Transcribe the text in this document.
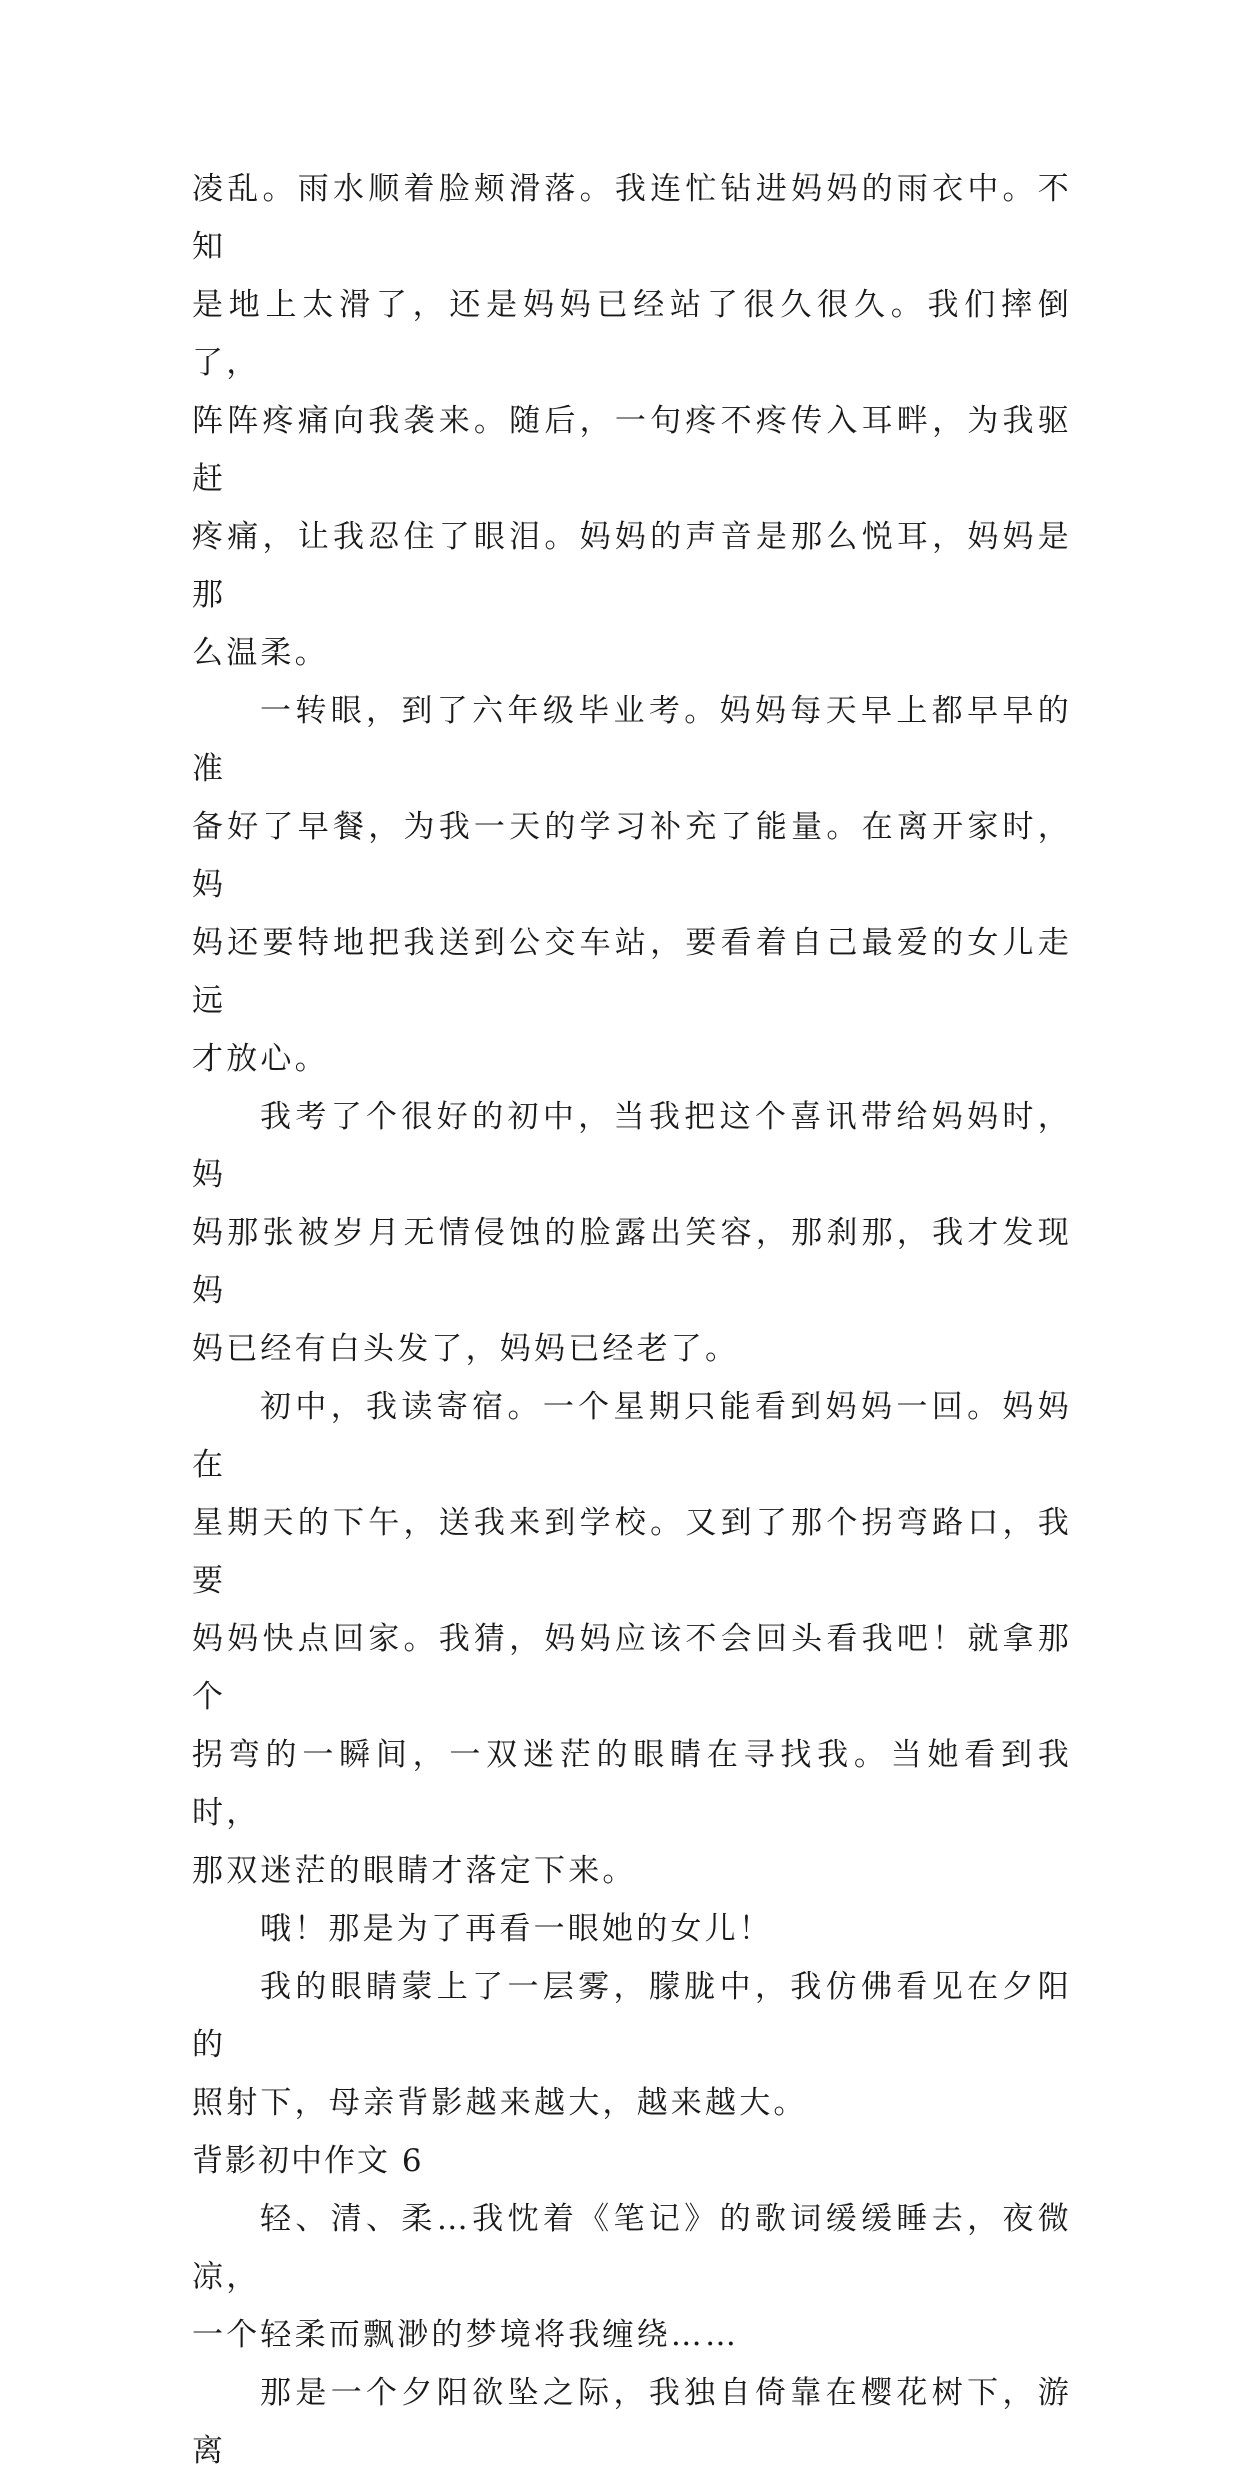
凌乱。雨水顺着脸颊滑落。我连忙钻进妈妈的雨衣中。不知
是地上太滑了，还是妈妈已经站了很久很久。我们摔倒了，
阵阵疼痛向我袭来。随后，一句疼不疼传入耳畔，为我驱赶
疼痛，让我忍住了眼泪。妈妈的声音是那么悦耳，妈妈是那
么温柔。

一转眼，到了六年级毕业考。妈妈每天早上都早早的准
备好了早餐，为我一天的学习补充了能量。在离开家时，妈
妈还要特地把我送到公交车站，要看着自己最爱的女儿走远
才放心。

我考了个很好的初中，当我把这个喜讯带给妈妈时，妈
妈那张被岁月无情侵蚀的脸露出笑容，那刹那，我才发现妈
妈已经有白头发了，妈妈已经老了。

初中，我读寄宿。一个星期只能看到妈妈一回。妈妈在
星期天的下午，送我来到学校。又到了那个拐弯路口，我要
妈妈快点回家。我猜，妈妈应该不会回头看我吧！就拿那个
拐弯的一瞬间，一双迷茫的眼睛在寻找我。当她看到我时，
那双迷茫的眼睛才落定下来。

哦！那是为了再看一眼她的女儿！

我的眼睛蒙上了一层雾，朦胧中，我仿佛看见在夕阳的
照射下，母亲背影越来越大，越来越大。

背影初中作文 6

轻、清、柔…我忱着《笔记》的歌词缓缓睡去，夜微凉，
一个轻柔而飘渺的梦境将我缠绕……

那是一个夕阳欲坠之际，我独自倚靠在樱花树下，游离
